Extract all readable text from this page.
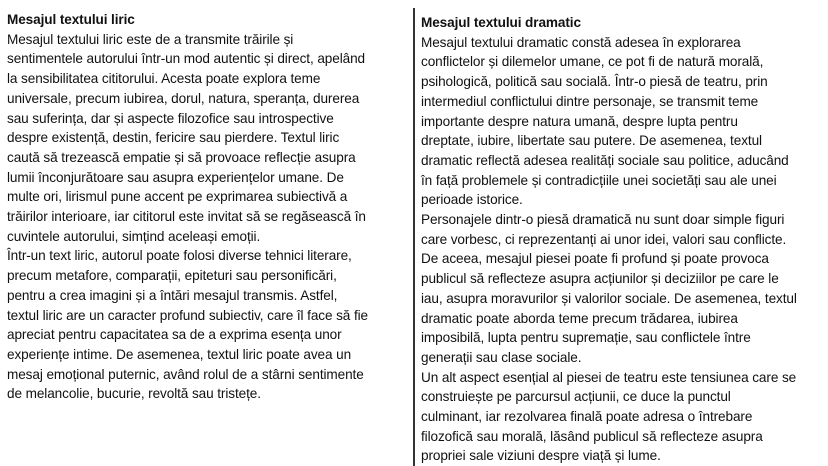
Mesajul textului liric
Mesajul textului liric este de a transmite trăirile și
sentimentele autorului într-un mod autentic și direct, apelând
la sensibilitatea cititorului. Acesta poate explora teme
universale, precum iubirea, dorul, natura, speranța, durerea
sau suferința, dar și aspecte filozofice sau introspective
despre existență, destin, fericire sau pierdere. Textul liric
caută să trezească empatie și să provoace reflecție asupra
lumii înconjurătoare sau asupra experiențelor umane. De
multe ori, lirismul pune accent pe exprimarea subiectivă a
trăirilor interioare, iar cititorul este invitat să se regăsească în
cuvintele autorului, simțind aceleași emoții.
Într-un text liric, autorul poate folosi diverse tehnici literare,
precum metafore, comparații, epiteturi sau personificări,
pentru a crea imagini și a întări mesajul transmis. Astfel,
textul liric are un caracter profund subiectiv, care îl face să fie
apreciat pentru capacitatea sa de a exprima esența unor
experiențe intime. De asemenea, textul liric poate avea un
mesaj emoțional puternic, având rolul de a stârni sentimente
de melancolie, bucurie, revoltă sau tristețe.
Mesajul textului dramatic
Mesajul textului dramatic constă adesea în explorarea
conflictelor și dilemelor umane, ce pot fi de natură morală,
psihologică, politică sau socială. Într-o piesă de teatru, prin
intermediul conflictului dintre personaje, se transmit teme
importante despre natura umană, despre lupta pentru
dreptate, iubire, libertate sau putere. De asemenea, textul
dramatic reflectă adesea realități sociale sau politice, aducând
în față problemele și contradicțiile unei societăți sau ale unei
perioade istorice.
Personajele dintr-o piesă dramatică nu sunt doar simple figuri
care vorbesc, ci reprezentanți ai unor idei, valori sau conflicte.
De aceea, mesajul piesei poate fi profund și poate provoca
publicul să reflecteze asupra acțiunilor și deciziilor pe care le
iau, asupra moravurilor și valorilor sociale. De asemenea, textul
dramatic poate aborda teme precum trădarea, iubirea
imposibilă, lupta pentru supremație, sau conflictele între
generații sau clase sociale.
Un alt aspect esențial al piesei de teatru este tensiunea care se
construiește pe parcursul acțiunii, ce duce la punctul
culminant, iar rezolvarea finală poate adresa o întrebare
filozofică sau morală, lăsând publicul să reflecteze asupra
propriei sale viziuni despre viață și lume.
